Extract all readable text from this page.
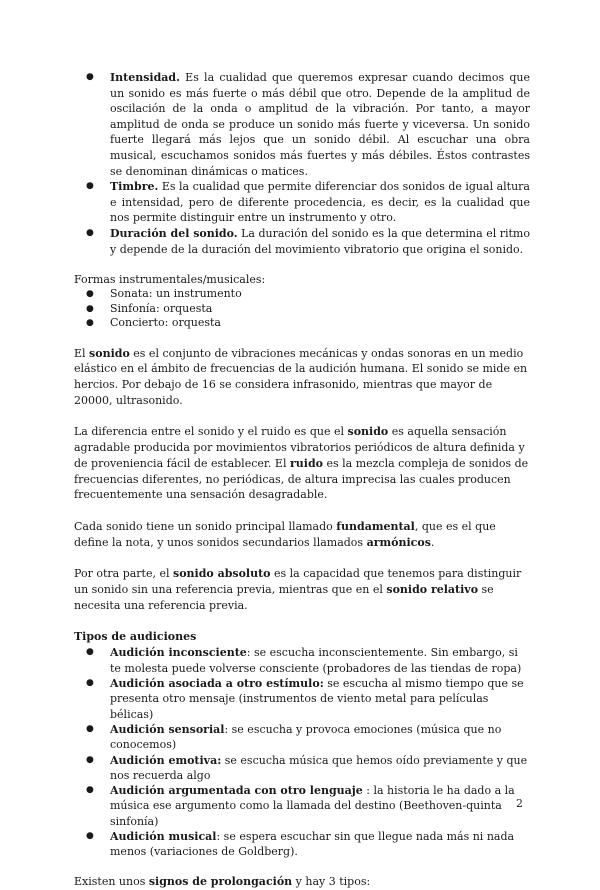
● Intensidad. Es la cualidad que queremos expresar cuando decimos que un sonido es más fuerte o más débil que otro. Depende de la amplitud de oscilación de la onda o amplitud de la vibración. Por tanto, a mayor amplitud de onda se produce un sonido más fuerte y viceversa. Un sonido fuerte llegará más lejos que un sonido débil. Al escuchar una obra musical, escuchamos sonidos más fuertes y más débiles. Éstos contrastes se denominan dinámicas o matices.
● Timbre. Es la cualidad que permite diferenciar dos sonidos de igual altura e intensidad, pero de diferente procedencia, es decir, es la cualidad que nos permite distinguir entre un instrumento y otro.
● Duración del sonido. La duración del sonido es la que determina el ritmo y depende de la duración del movimiento vibratorio que origina el sonido.
Formas instrumentales/musicales:
● Sonata: un instrumento
● Sinfonía: orquesta
● Concierto: orquesta

El sonido es el conjunto de vibraciones mecánicas y ondas sonoras en un medio elástico en el ámbito de frecuencias de la audición humana. El sonido se mide en hercios. Por debajo de 16 se considera infrasonido, mientras que mayor de 20000, ultrasonido.

La diferencia entre el sonido y el ruido es que el sonido es aquella sensación agradable producida por movimientos vibratorios periódicos de altura definida y de proveniencia fácil de establecer. El ruido es la mezcla compleja de sonidos de frecuencias diferentes, no periódicas, de altura imprecisa las cuales producen frecuentemente una sensación desagradable.

Cada sonido tiene un sonido principal llamado fundamental, que es el que define la nota, y unos sonidos secundarios llamados armónicos.

Por otra parte, el sonido absoluto es la capacidad que tenemos para distinguir un sonido sin una referencia previa, mientras que en el sonido relativo se necesita una referencia previa.

Tipos de audiciones
● Audición inconsciente: se escucha inconscientemente. Sin embargo, si te molesta puede volverse consciente (probadores de las tiendas de ropa)
● Audición asociada a otro estímulo: se escucha al mismo tiempo que se presenta otro mensaje (instrumentos de viento metal para películas bélicas)
● Audición sensorial: se escucha y provoca emociones (música que no conocemos)
● Audición emotiva: se escucha música que hemos oído previamente y que nos recuerda algo
● Audición argumentada con otro lenguaje : la historia le ha dado a la música ese argumento como la llamada del destino (Beethoven-quinta sinfonía)
● Audición musical: se espera escuchar sin que llegue nada más ni nada menos (variaciones de Goldberg).

Existen unos signos de prolongación y hay 3 tipos:

2
